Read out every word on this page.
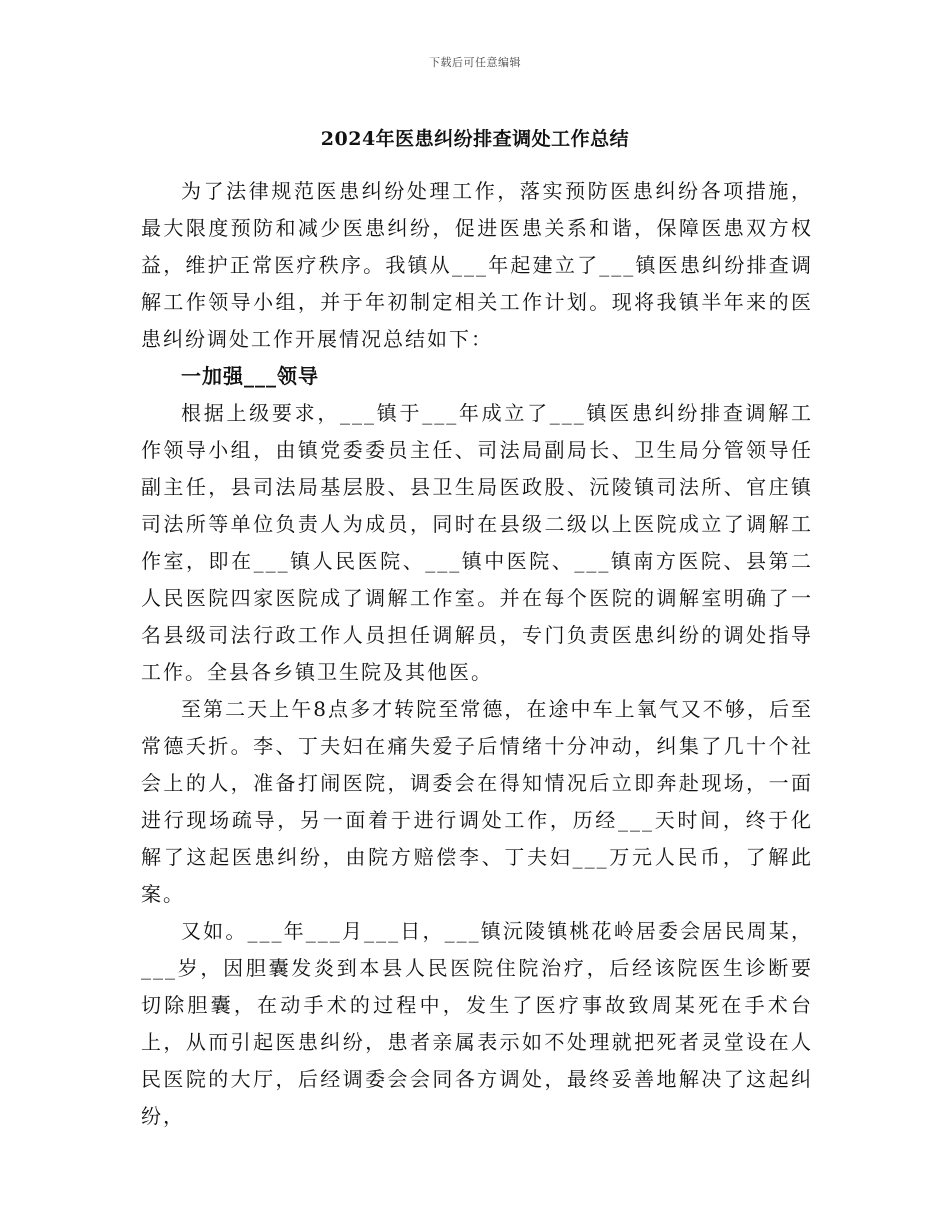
下载后可任意编辑
2024年医患纠纷排查调处工作总结

为了法律规范医患纠纷处理工作，落实预防医患纠纷各项措施，最大限度预防和减少医患纠纷，促进医患关系和谐，保障医患双方权益，维护正常医疗秩序。我镇从___年起建立了___镇医患纠纷排查调解工作领导小组，并于年初制定相关工作计划。现将我镇半年来的医患纠纷调处工作开展情况总结如下：

一加强___领导

根据上级要求，___镇于___年成立了___镇医患纠纷排查调解工作领导小组，由镇党委委员主任、司法局副局长、卫生局分管领导任副主任，县司法局基层股、县卫生局医政股、沅陵镇司法所、官庄镇司法所等单位负责人为成员，同时在县级二级以上医院成立了调解工作室，即在___镇人民医院、___镇中医院、___镇南方医院、县第二人民医院四家医院成了调解工作室。并在每个医院的调解室明确了一名县级司法行政工作人员担任调解员，专门负责医患纠纷的调处指导工作。全县各乡镇卫生院及其他医。

至第二天上午8点多才转院至常德，在途中车上氧气又不够，后至常德夭折。李、丁夫妇在痛失爱子后情绪十分冲动，纠集了几十个社会上的人，准备打闹医院，调委会在得知情况后立即奔赴现场，一面进行现场疏导，另一面着于进行调处工作，历经___天时间，终于化解了这起医患纠纷，由院方赔偿李、丁夫妇___万元人民币，了解此案。

又如。___年___月___日，___镇沅陵镇桃花岭居委会居民周某，___岁，因胆囊发炎到本县人民医院住院治疗，后经该院医生诊断要切除胆囊，在动手术的过程中，发生了医疗事故致周某死在手术台上，从而引起医患纠纷，患者亲属表示如不处理就把死者灵堂设在人民医院的大厅，后经调委会会同各方调处，最终妥善地解决了这起纠纷，
